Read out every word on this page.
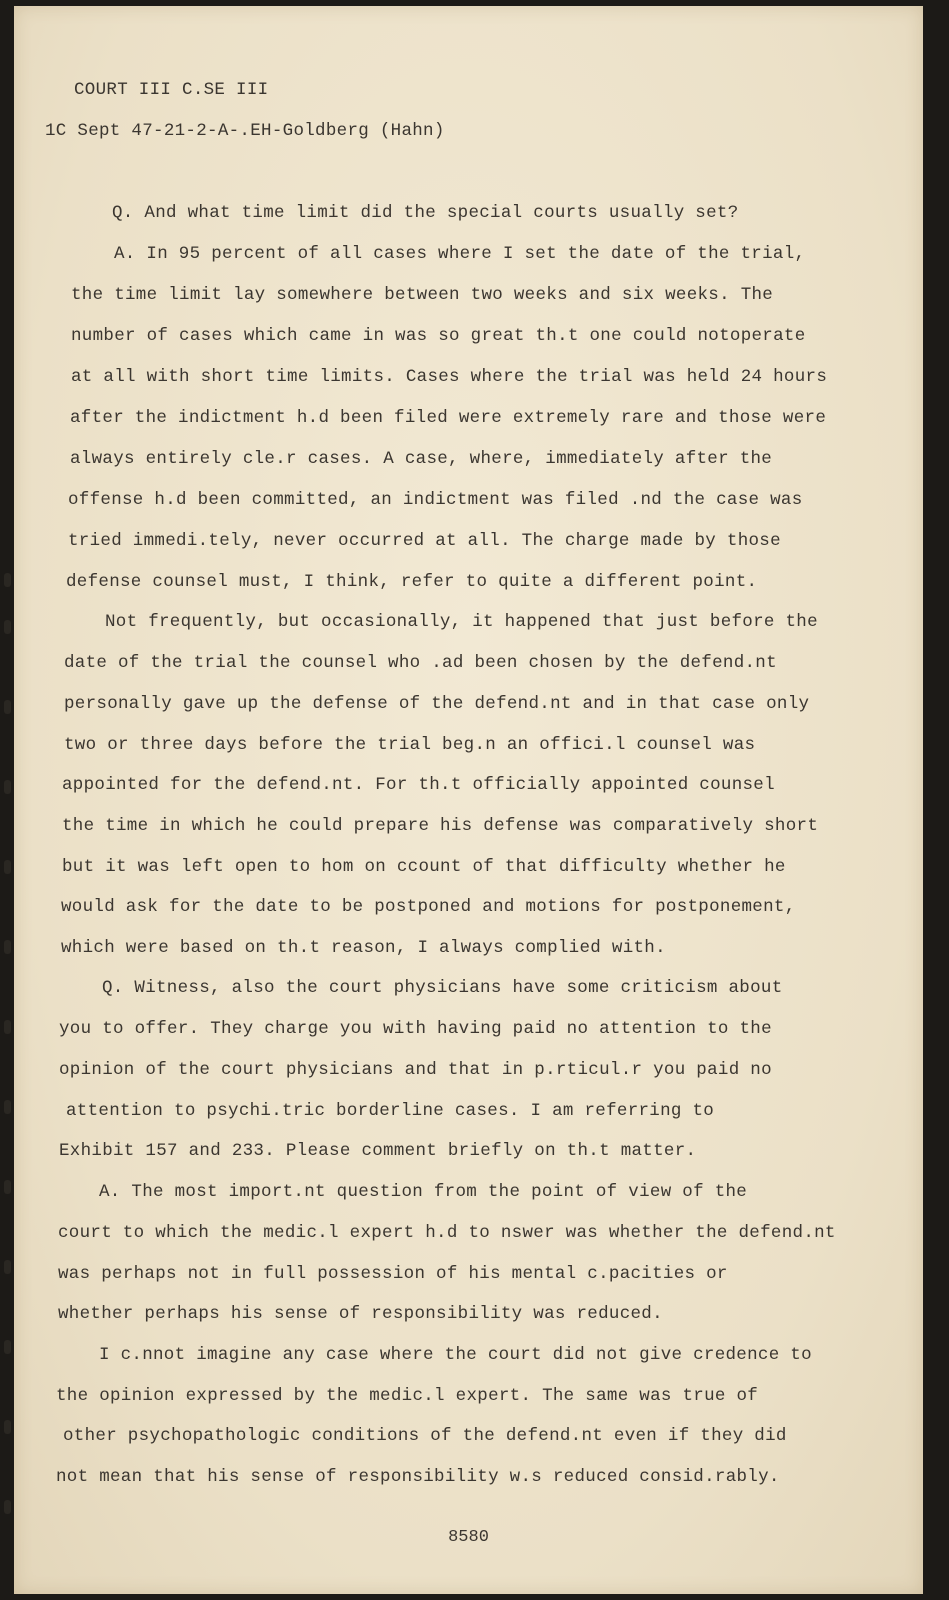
COURT III C.SE III
1C Sept 47-21-2-A-.EH-Goldberg (Hahn)
Q. And what time limit did the special courts usually set?
A. In 95 percent of all cases where I set the date of the trial,
the time limit lay somewhere between two weeks and six weeks. The
number of cases which came in was so great th.t one could notoperate
at all with short time limits. Cases where the trial was held 24 hours
after the indictment h.d been filed were extremely rare and those were
always entirely cle.r cases. A case, where, immediately after the
offense h.d been committed, an indictment was filed .nd the case was
tried immedi.tely, never occurred at all. The charge made by those
defense counsel must, I think, refer to quite a different point.
Not frequently, but occasionally, it happened that just before the
date of the trial the counsel who .ad been chosen by the defend.nt
personally gave up the defense of the defend.nt and in that case only
two or three days before the trial beg.n an offici.l counsel was
appointed for the defend.nt. For th.t officially appointed counsel
the time in which he could prepare his defense was comparatively short
but it was left open to hom on ccount of that difficulty whether he
would ask for the date to be postponed and motions for postponement,
which were based on th.t reason, I always complied with.
Q. Witness, also the court physicians have some criticism about
you to offer. They charge you with having paid no attention to the
opinion of the court physicians and that in p.rticul.r you paid no
attention to psychi.tric borderline cases. I am referring to
Exhibit 157 and 233. Please comment briefly on th.t matter.
A. The most import.nt question from the point of view of the
court to which the medic.l expert h.d to nswer was whether the defend.nt
was perhaps not in full possession of his mental c.pacities or
whether perhaps his sense of responsibility was reduced.
I c.nnot imagine any case where the court did not give credence to
the opinion expressed by the medic.l expert. The same was true of
other psychopathologic conditions of the defend.nt even if they did
not mean that his sense of responsibility w.s reduced consid.rably.
8580
